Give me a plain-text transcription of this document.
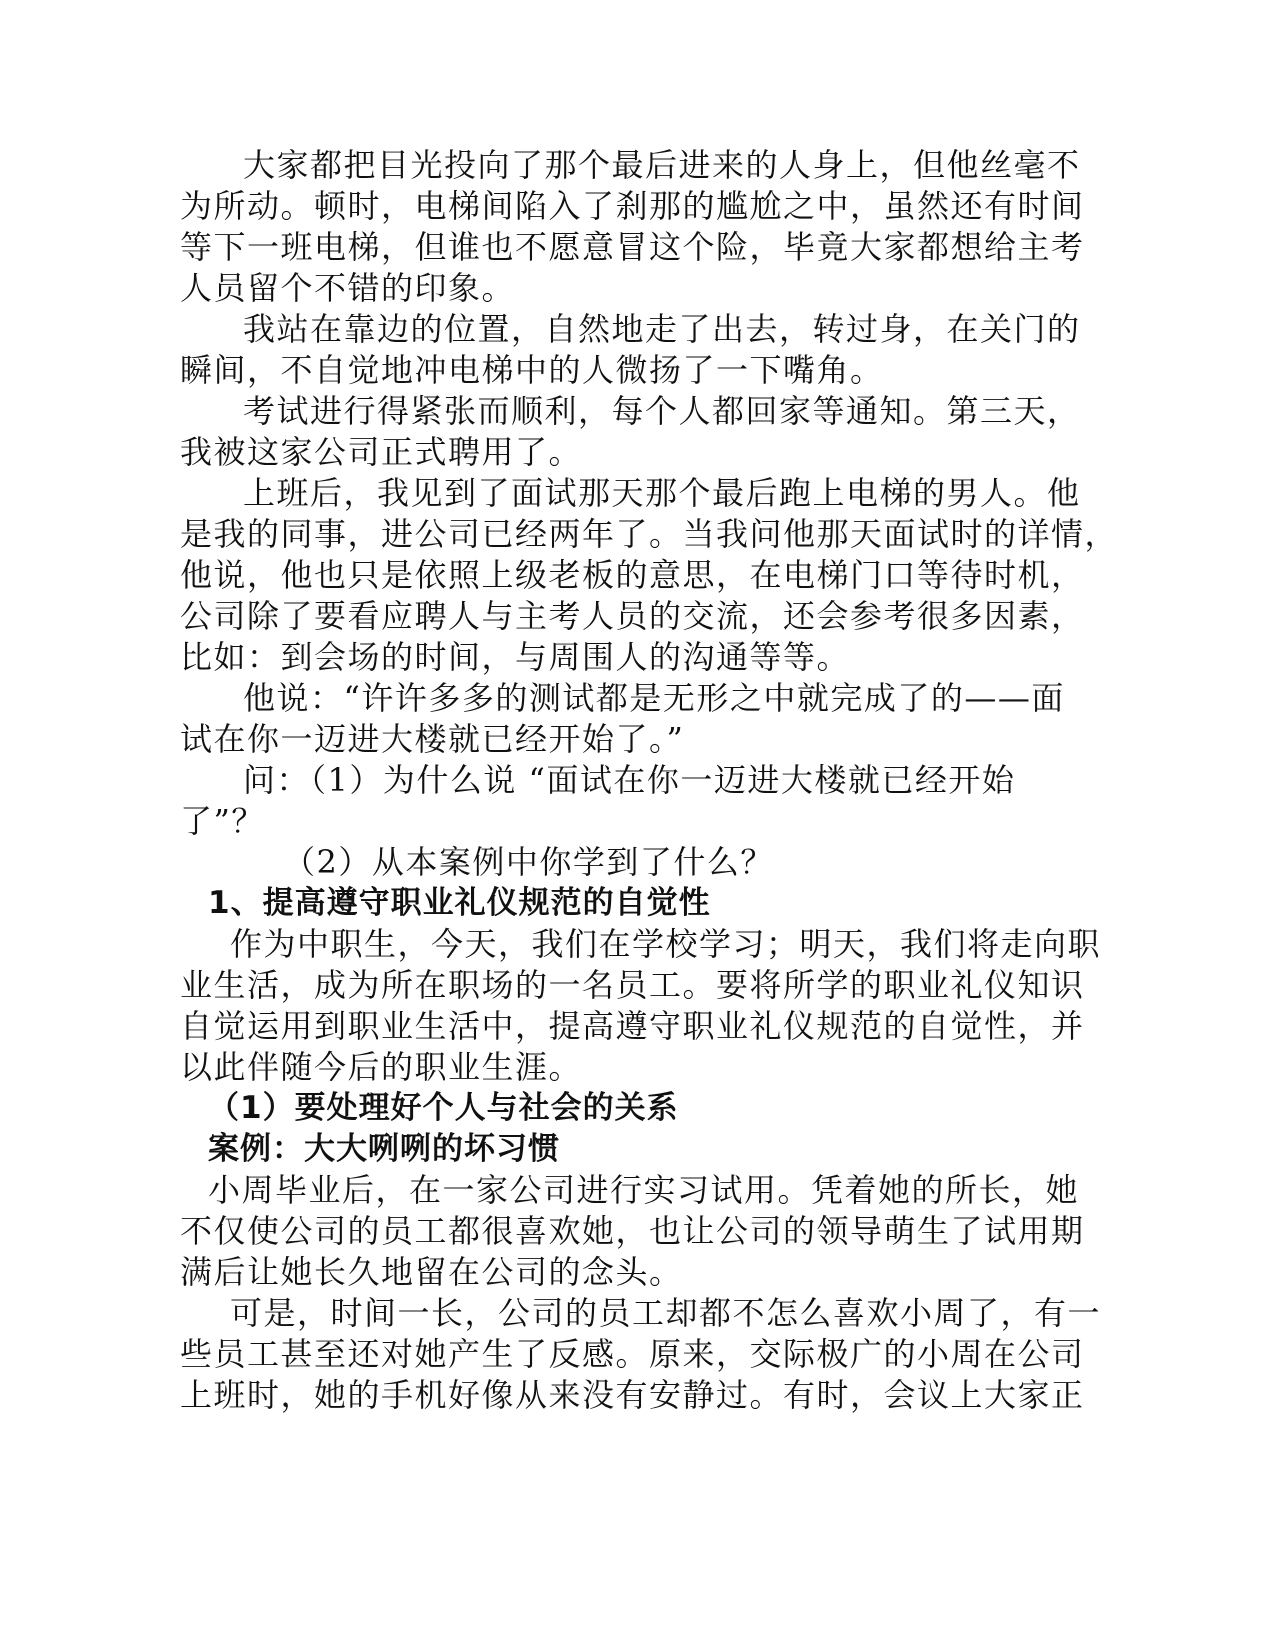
大家都把目光投向了那个最后进来的人身上，但他丝毫不
为所动。顿时，电梯间陷入了刹那的尴尬之中，虽然还有时间
等下一班电梯，但谁也不愿意冒这个险，毕竟大家都想给主考
人员留个不错的印象。
我站在靠边的位置，自然地走了出去，转过身，在关门的
瞬间，不自觉地冲电梯中的人微扬了一下嘴角。
考试进行得紧张而顺利，每个人都回家等通知。第三天，
我被这家公司正式聘用了。
上班后，我见到了面试那天那个最后跑上电梯的男人。他
是我的同事，进公司已经两年了。当我问他那天面试时的详情，
他说，他也只是依照上级老板的意思，在电梯门口等待时机，
公司除了要看应聘人与主考人员的交流，还会参考很多因素，
比如：到会场的时间，与周围人的沟通等等。
他说：“许许多多的测试都是无形之中就完成了的——面
试在你一迈进大楼就已经开始了。”
问：（1）为什么说 “面试在你一迈进大楼就已经开始
了”？
（2）从本案例中你学到了什么？
1、提高遵守职业礼仪规范的自觉性
作为中职生，今天，我们在学校学习；明天，我们将走向职
业生活，成为所在职场的一名员工。要将所学的职业礼仪知识
自觉运用到职业生活中，提高遵守职业礼仪规范的自觉性，并
以此伴随今后的职业生涯。
（1）要处理好个人与社会的关系
案例：大大咧咧的坏习惯
小周毕业后，在一家公司进行实习试用。凭着她的所长，她
不仅使公司的员工都很喜欢她，也让公司的领导萌生了试用期
满后让她长久地留在公司的念头。
可是，时间一长，公司的员工却都不怎么喜欢小周了，有一
些员工甚至还对她产生了反感。原来，交际极广的小周在公司
上班时，她的手机好像从来没有安静过。有时，会议上大家正
